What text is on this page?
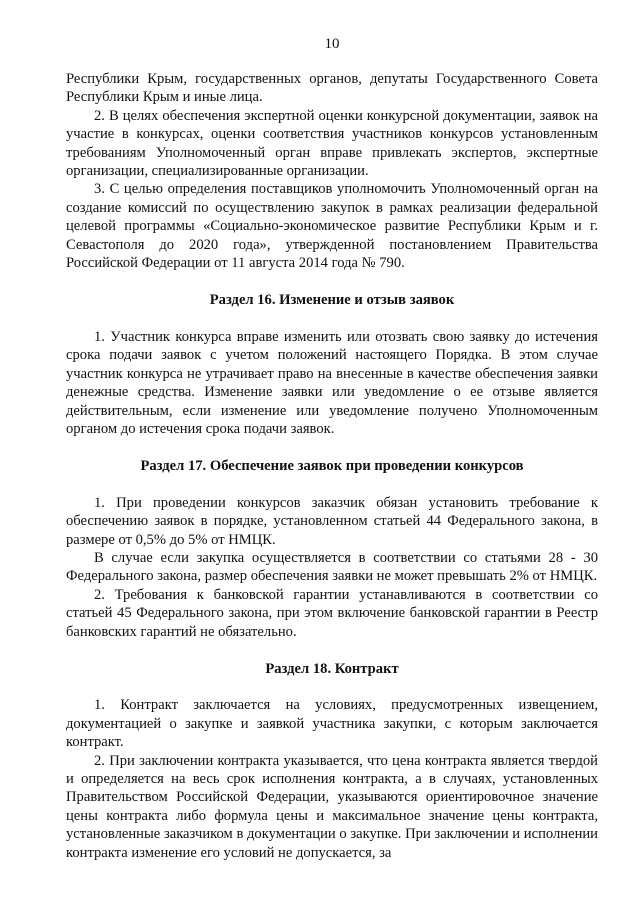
10

Республики Крым, государственных органов, депутаты Государственного Совета Республики Крым и иные лица.

2. В целях обеспечения экспертной оценки конкурсной документации, заявок на участие в конкурсах, оценки соответствия участников конкурсов установленным требованиям Уполномоченный орган вправе привлекать экспертов, экспертные организации, специализированные организации.

3. С целью определения поставщиков уполномочить Уполномоченный орган на создание комиссий по осуществлению закупок в рамках реализации федеральной целевой программы «Социально-экономическое развитие Республики Крым и г. Севастополя до 2020 года», утвержденной постановлением Правительства Российской Федерации от 11 августа 2014 года № 790.

Раздел 16. Изменение и отзыв заявок

1. Участник конкурса вправе изменить или отозвать свою заявку до истечения срока подачи заявок с учетом положений настоящего Порядка. В этом случае участник конкурса не утрачивает право на внесенные в качестве обеспечения заявки денежные средства. Изменение заявки или уведомление о ее отзыве является действительным, если изменение или уведомление получено Уполномоченным органом до истечения срока подачи заявок.

Раздел 17. Обеспечение заявок при проведении конкурсов

1. При проведении конкурсов заказчик обязан установить требование к обеспечению заявок в порядке, установленном статьей 44 Федерального закона, в размере от 0,5% до 5% от НМЦК.

В случае если закупка осуществляется в соответствии со статьями 28 - 30 Федерального закона, размер обеспечения заявки не может превышать 2% от НМЦК.

2. Требования к банковской гарантии устанавливаются в соответствии со статьей 45 Федерального закона, при этом включение банковской гарантии в Реестр банковских гарантий не обязательно.

Раздел 18. Контракт

1. Контракт заключается на условиях, предусмотренных извещением, документацией о закупке и заявкой участника закупки, с которым заключается контракт.

2. При заключении контракта указывается, что цена контракта является твердой и определяется на весь срок исполнения контракта, а в случаях, установленных Правительством Российской Федерации, указываются ориентировочное значение цены контракта либо формула цены и максимальное значение цены контракта, установленные заказчиком в документации о закупке. При заключении и исполнении контракта изменение его условий не допускается, за
